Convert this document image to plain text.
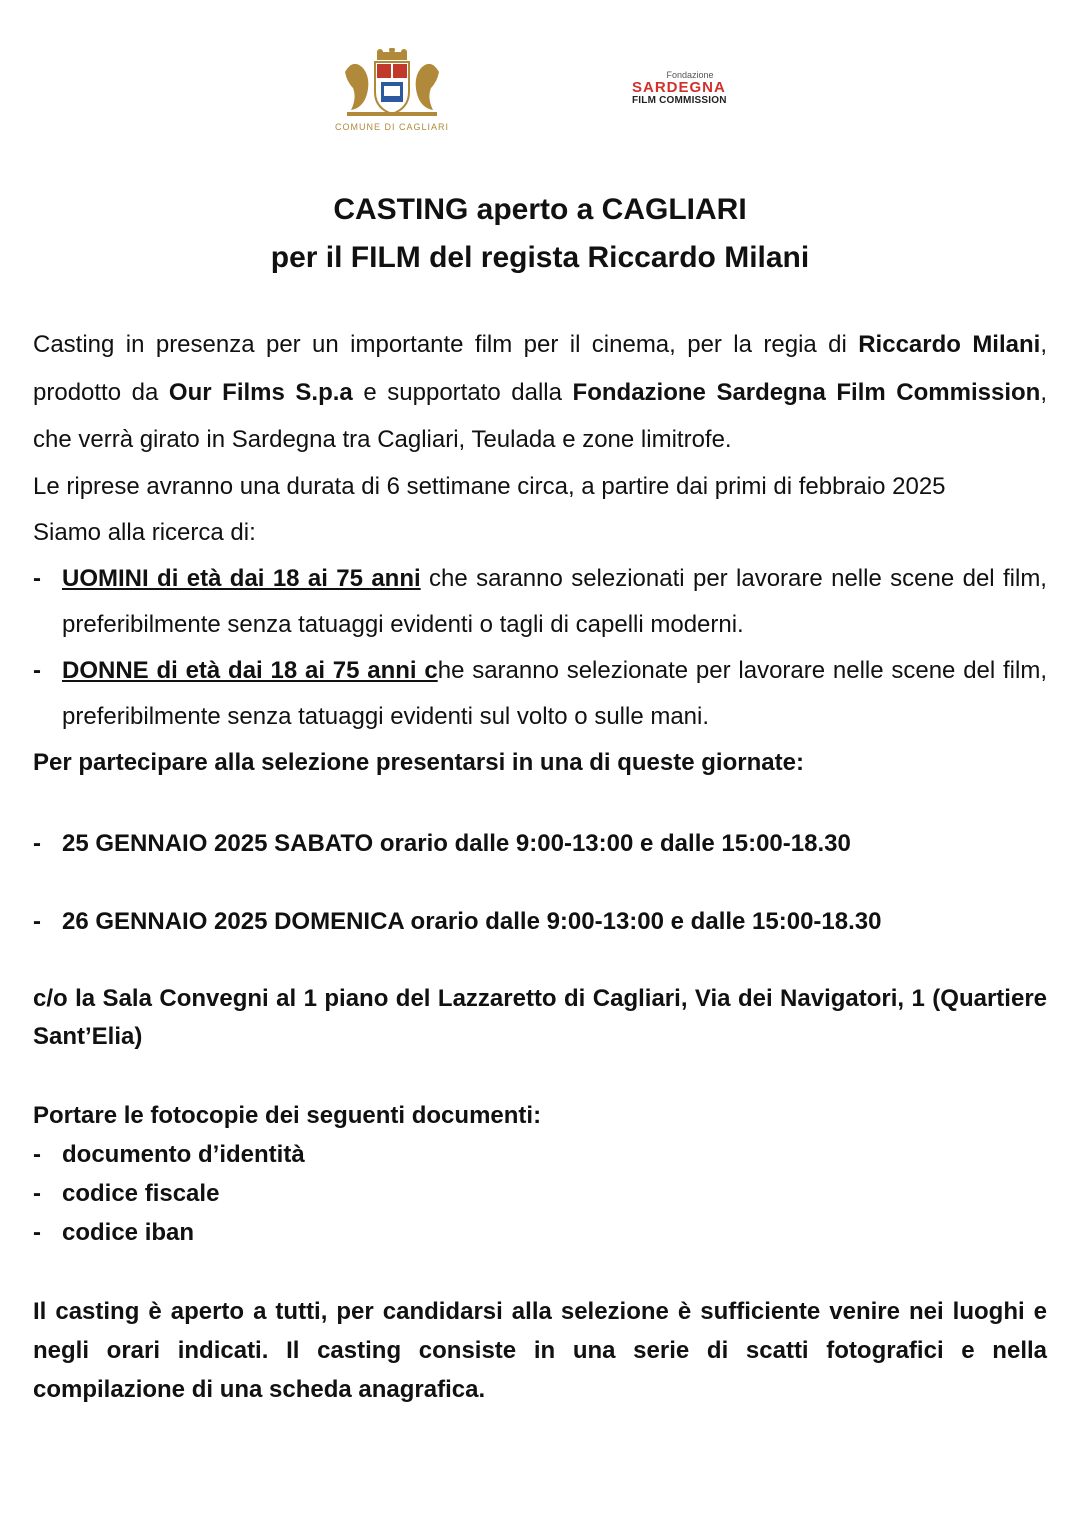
COMUNE DI CAGLIARI
Fondazione
SARDEGNA
FILM COMMISSION
CASTING aperto a CAGLIARI
per il FILM del regista Riccardo Milani

Casting in presenza per un importante film per il cinema, per la regia di Riccardo Milani, prodotto da Our Films S.p.a e supportato dalla Fondazione Sardegna Film Commission, che verrà girato in Sardegna tra Cagliari, Teulada e zone limitrofe.

Le riprese avranno una durata di 6 settimane circa, a partire dai primi di febbraio 2025

Siamo alla ricerca di:

- UOMINI di età dai 18 ai 75 anni che saranno selezionati per lavorare nelle scene del film, preferibilmente senza tatuaggi evidenti o tagli di capelli moderni.

- DONNE di età dai 18 ai 75 anni che saranno selezionate per lavorare nelle scene del film, preferibilmente senza tatuaggi evidenti sul volto o sulle mani.

Per partecipare alla selezione presentarsi in una di queste giornate:

- 25 GENNAIO 2025 SABATO orario dalle 9:00-13:00 e dalle 15:00-18.30

- 26 GENNAIO 2025 DOMENICA orario dalle 9:00-13:00 e dalle 15:00-18.30

c/o la Sala Convegni al 1 piano del Lazzaretto di Cagliari, Via dei Navigatori, 1 (Quartiere Sant’Elia)

Portare le fotocopie dei seguenti documenti:

- documento d’identità

- codice fiscale

- codice iban

Il casting è aperto a tutti, per candidarsi alla selezione è sufficiente venire nei luoghi e negli orari indicati. Il casting consiste in una serie di scatti fotografici e nella compilazione di una scheda anagrafica.
